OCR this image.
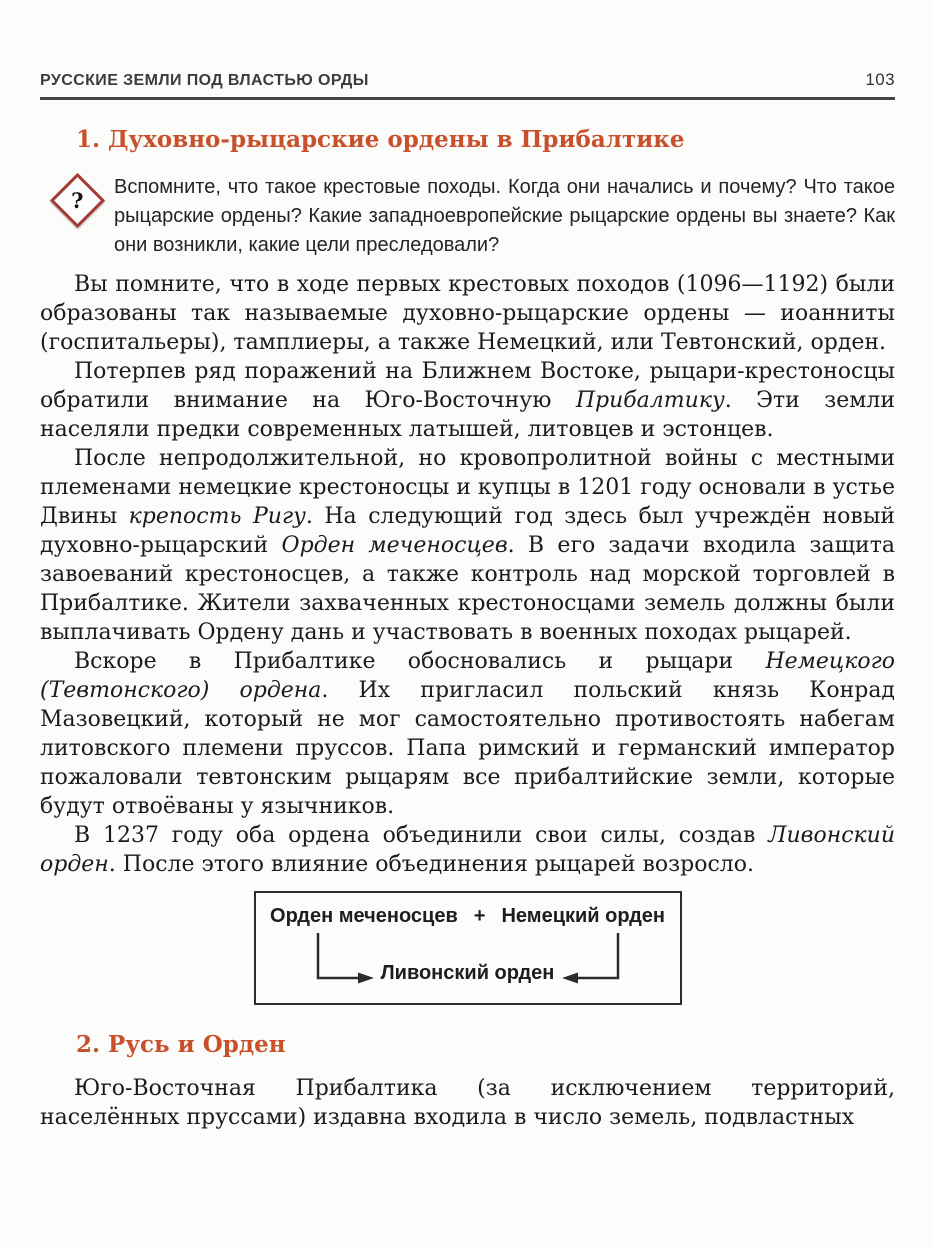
РУССКИЕ ЗЕМЛИ ПОД ВЛАСТЬЮ ОРДЫ	103
1. Духовно-рыцарские ордены в Прибалтике
?
Вспомните, что такое крестовые походы. Когда они начались и почему? Что такое рыцарские ордены? Какие западноевропейские рыцарские ордены вы знаете? Как они возникли, какие цели преследовали?

Вы помните, что в ходе первых крестовых походов (1096—1192) были образованы так называемые духовно-рыцарские ордены — иоанниты (госпитальеры), тамплиеры, а также Немецкий, или Тевтонский, орден.

Потерпев ряд поражений на Ближнем Востоке, рыцари-крестоносцы обратили внимание на Юго-Восточную Прибалтику. Эти земли населяли предки современных латышей, литовцев и эстонцев.

После непродолжительной, но кровопролитной войны с местными племенами немецкие крестоносцы и купцы в 1201 году основали в устье Двины крепость Ригу. На следующий год здесь был учреждён новый духовно-рыцарский Орден меченосцев. В его задачи входила защита завоеваний крестоносцев, а также контроль над морской торговлей в Прибалтике. Жители захваченных крестоносцами земель должны были выплачивать Ордену дань и участвовать в военных походах рыцарей.

Вскоре в Прибалтике обосновались и рыцари Немецкого (Тевтонского) ордена. Их пригласил польский князь Конрад Мазовецкий, который не мог самостоятельно противостоять набегам литовского племени пруссов. Папа римский и германский император пожаловали тевтонским рыцарям все прибалтийские земли, которые будут отвоёваны у язычников.

В 1237 году оба ордена объединили свои силы, создав Ливонский орден. После этого влияние объединения рыцарей возросло.

Орден меченосцев + Немецкий орден
Ливонский орден
2. Русь и Орден

Юго-Восточная Прибалтика (за исключением территорий, населённых пруссами) издавна входила в число земель, подвластных
